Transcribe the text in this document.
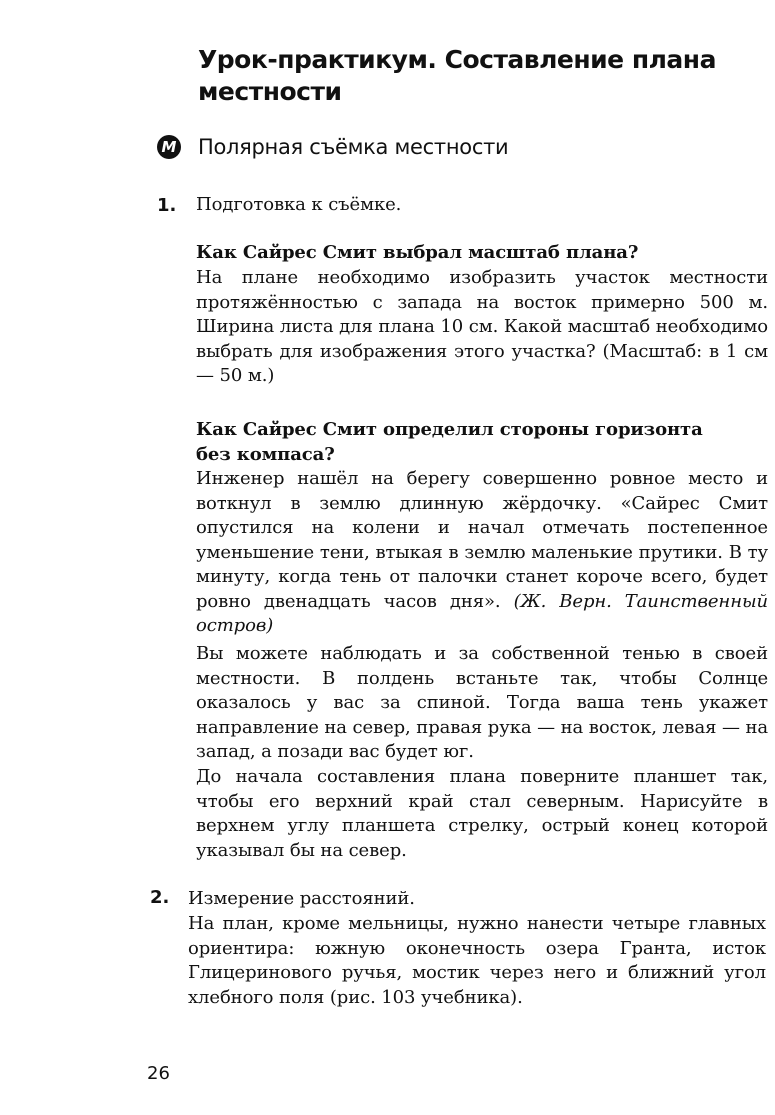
Урок-практикум. Составление плана местности
М Полярная съёмка местности
1. Подготовка к съёмке.

Как Сайрес Смит выбрал масштаб плана?

На плане необходимо изобразить участок местности протяжённостью с запада на восток примерно 500 м. Ширина листа для плана 10 см. Какой масштаб необходимо выбрать для изображения этого участка? (Масштаб: в 1 см — 50 м.)

Как Сайрес Смит определил стороны горизонта без компаса?

Инженер нашёл на берегу совершенно ровное место и воткнул в землю длинную жёрдочку. «Сайрес Смит опустился на колени и начал отмечать постепенное уменьшение тени, втыкая в землю маленькие прутики. В ту минуту, когда тень от палочки станет короче всего, будет ровно двенадцать часов дня». (Ж. Верн. Таинственный остров)

Вы можете наблюдать и за собственной тенью в своей местности. В полдень встаньте так, чтобы Солнце оказалось у вас за спиной. Тогда ваша тень укажет направление на север, правая рука — на восток, левая — на запад, а позади вас будет юг.

До начала составления плана поверните планшет так, чтобы его верхний край стал северным. Нарисуйте в верхнем углу планшета стрелку, острый конец которой указывал бы на север.

2. Измерение расстояний.

На план, кроме мельницы, нужно нанести четыре главных ориентира: южную оконечность озера Гранта, исток Глицеринового ручья, мостик через него и ближний угол хлебного поля (рис. 103 учебника).

26
